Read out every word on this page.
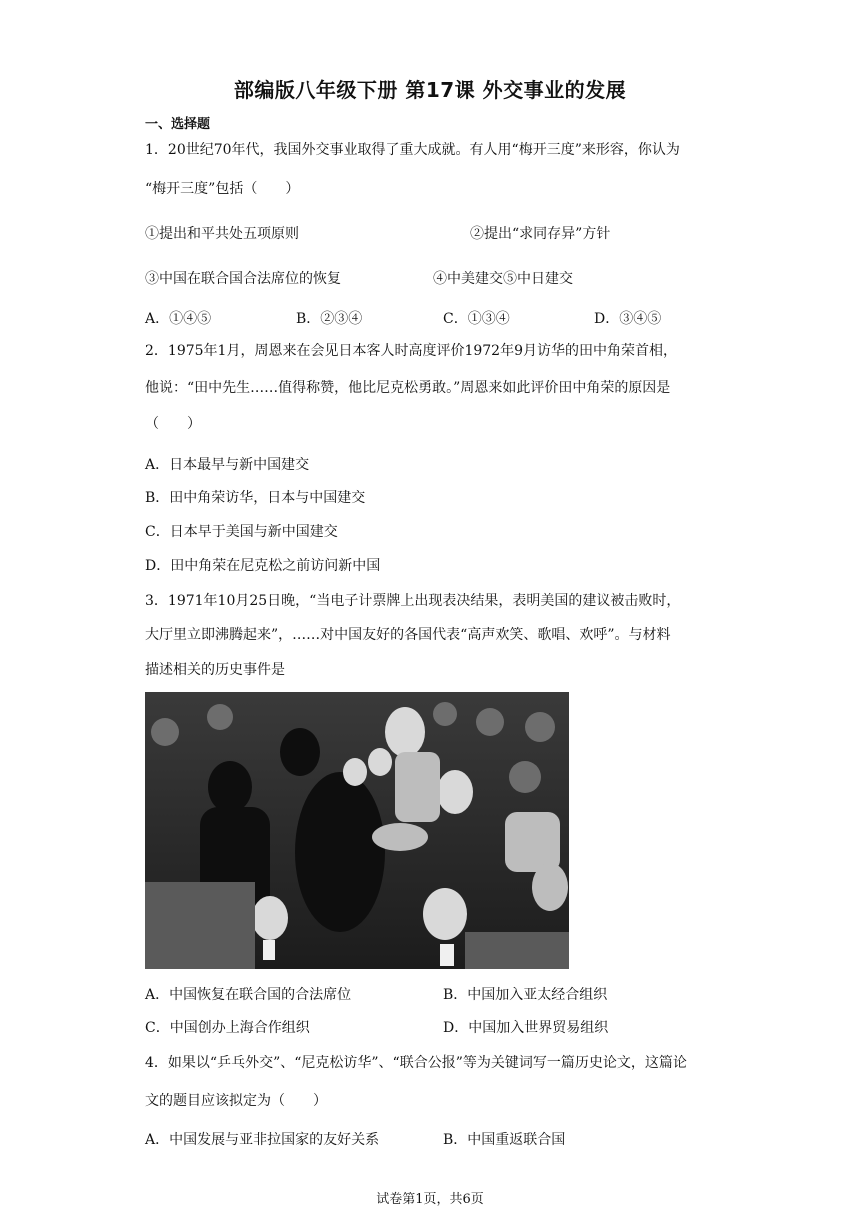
部编版八年级下册 第17课 外交事业的发展
一、选择题
1．20世纪70年代，我国外交事业取得了重大成就。有人用“梅开三度”来形容，你认为
“梅开三度”包括（　　）
①提出和平共处五项原则	②提出“求同存异”方针
③中国在联合国合法席位的恢复	④中美建交⑤中日建交
A．①④⑤	B．②③④	C．①③④	D．③④⑤
2．1975年1月，周恩来在会见日本客人时高度评价1972年9月访华的田中角荣首相，
他说：“田中先生……值得称赞，他比尼克松勇敢。”周恩来如此评价田中角荣的原因是
（　　）
A．日本最早与新中国建交
B．田中角荣访华，日本与中国建交
C．日本早于美国与新中国建交
D．田中角荣在尼克松之前访问新中国
3．1971年10月25日晚，“当电子计票牌上出现表决结果，表明美国的建议被击败时，
大厅里立即沸腾起来”，……对中国友好的各国代表“高声欢笑、歌唱、欢呼”。与材料
描述相关的历史事件是
A．中国恢复在联合国的合法席位	B．中国加入亚太经合组织
C．中国创办上海合作组织	D．中国加入世界贸易组织
4．如果以“乒乓外交”、“尼克松访华”、“联合公报”等为关键词写一篇历史论文，这篇论
文的题目应该拟定为（　　）
A．中国发展与亚非拉国家的友好关系	B．中国重返联合国
试卷第1页，共6页
